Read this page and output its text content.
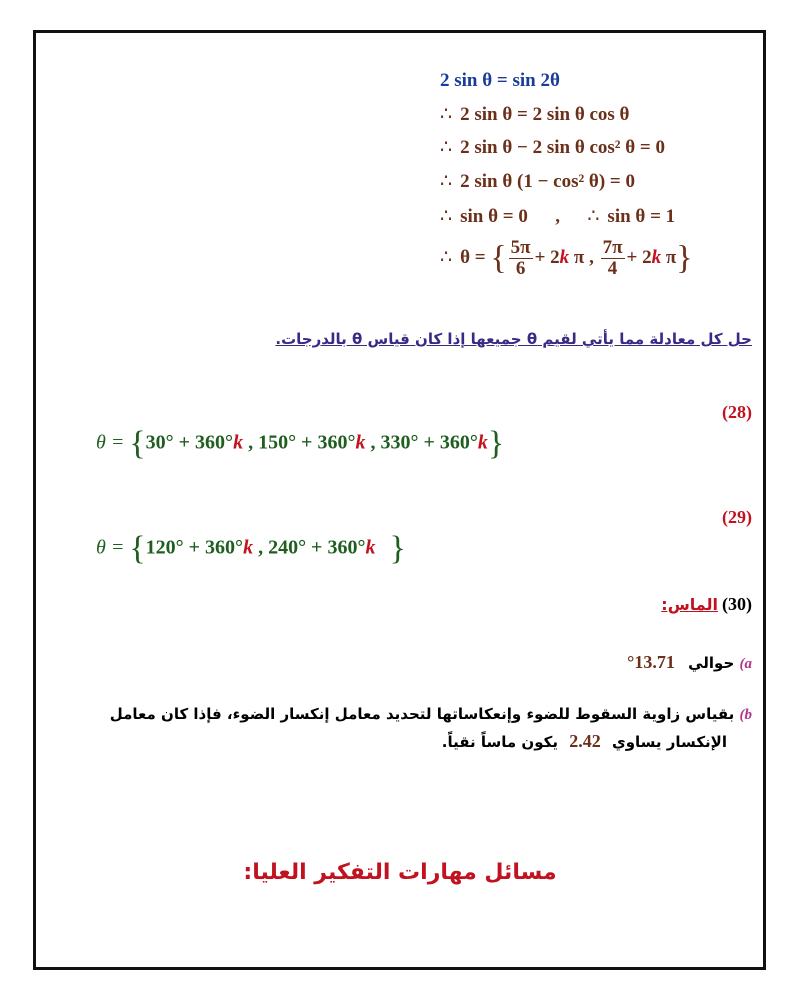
2 sin θ = sin 2θ
∴ 2 sin θ = 2 sin θ cos θ
∴ 2 sin θ − 2 sin θ cos² θ = 0
∴ 2 sin θ (1 − cos² θ) = 0
∴ sin θ = 0 , ∴ sin θ = 1
∴ θ = { $\frac{5\pi}{6} + 2k$ π , $\frac{7\pi}{4} + 2k$ π}
حل كل معادلة مما يأتي لقيم θ جميعها إذا كان قياس θ بالدرجات.
(28)
θ = {30° + 360°k , 150° + 360°k , 330° + 360°k}
(29)
θ = {120° + 360°k , 240° + 360°k }
(30) الماس:
a) حوالي 13.71°
b) بقياس زاوية السقوط للضوء وإنعكاساتها لتحديد معامل إنكسار الضوء، فإذا كان معامل
الإنكسار يساوي 2.42 يكون ماساً نقياً.
مسائل مهارات التفكير العليا:
